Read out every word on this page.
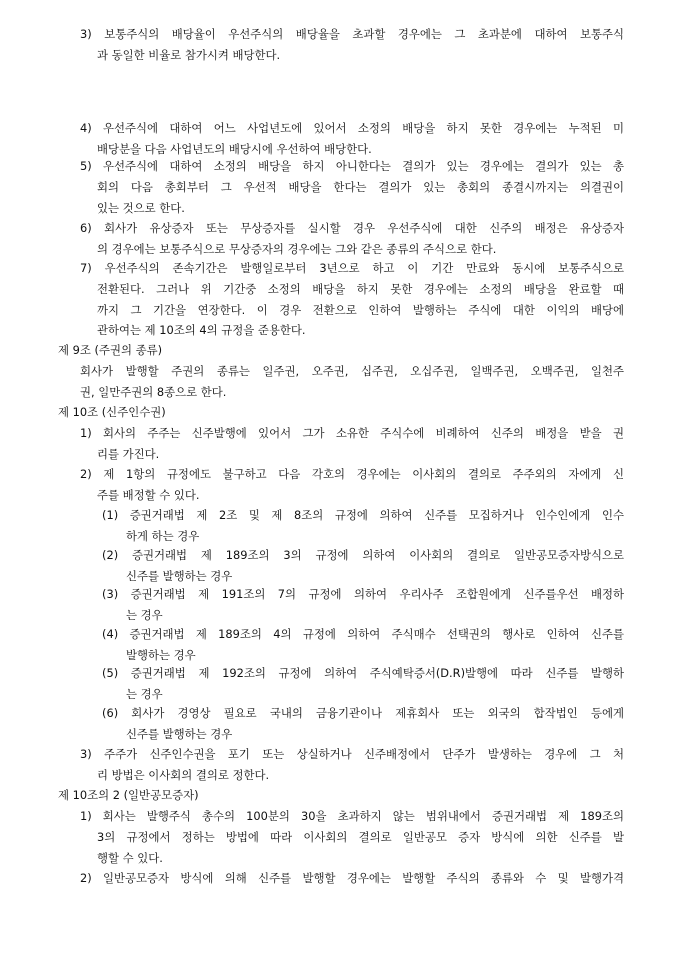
3) 보통주식의 배당율이 우선주식의 배당율을 초과할 경우에는 그 초과분에 대하여 보통주식
과 동일한 비율로 참가시켜 배당한다.
4) 우선주식에 대하여 어느 사업년도에 있어서 소정의 배당을 하지 못한 경우에는 누적된 미
배당분을 다음 사업년도의 배당시에 우선하여 배당한다.
5) 우선주식에 대하여 소정의 배당을 하지 아니한다는 결의가 있는 경우에는 결의가 있는 총
회의 다음 총회부터 그 우선적 배당을 한다는 결의가 있는 총회의 종결시까지는 의결권이
있는 것으로 한다.
6) 회사가 유상증자 또는 무상증자를 실시할 경우 우선주식에 대한 신주의 배정은 유상증자
의 경우에는 보통주식으로 무상증자의 경우에는 그와 같은 종류의 주식으로 한다.
7) 우선주식의 존속기간은 발행일로부터 3년으로 하고 이 기간 만료와 동시에 보통주식으로
전환된다. 그러나 위 기간중 소정의 배당을 하지 못한 경우에는 소정의 배당을 완료할 때
까지 그 기간을 연장한다. 이 경우 전환으로 인하여 발행하는 주식에 대한 이익의 배당에
관하여는 제 10조의 4의 규정을 준용한다.
제 9조 (주권의 종류)
회사가 발행할 주권의 종류는 일주권, 오주권, 십주권, 오십주권, 일백주권, 오백주권, 일천주
권, 일만주권의 8종으로 한다.
제 10조 (신주인수권)
1) 회사의 주주는 신주발행에 있어서 그가 소유한 주식수에 비례하여 신주의 배정을 받을 권
리를 가진다.
2) 제 1항의 규정에도 불구하고 다음 각호의 경우에는 이사회의 결의로 주주외의 자에게 신
주를 배정할 수 있다.
(1) 증권거래법 제 2조 및 제 8조의 규정에 의하여 신주를 모집하거나 인수인에게 인수
하게 하는 경우
(2) 증권거래법 제 189조의 3의 규정에 의하여 이사회의 결의로 일반공모증자방식으로
신주를 발행하는 경우
(3) 증권거래법 제 191조의 7의 규정에 의하여 우리사주 조합원에게 신주를우선 배정하
는 경우
(4) 증권거래법 제 189조의 4의 규정에 의하여 주식매수 선택권의 행사로 인하여 신주를
발행하는 경우
(5) 증권거래법 제 192조의 규정에 의하여 주식예탁증서(D.R)발행에 따라 신주를 발행하
는 경우
(6) 회사가 경영상 필요로 국내의 금융기관이나 제휴회사 또는 외국의 합작법인 등에게
신주를 발행하는 경우
3) 주주가 신주인수권을 포기 또는 상실하거나 신주배정에서 단주가 발생하는 경우에 그 처
리 방법은 이사회의 결의로 정한다.
제 10조의 2 (일반공모증자)
1) 회사는 발행주식 총수의 100분의 30을 초과하지 않는 범위내에서 증권거래법 제 189조의
3의 규정에서 정하는 방법에 따라 이사회의 결의로 일반공모 증자 방식에 의한 신주를 발
행할 수 있다.
2) 일반공모증자 방식에 의해 신주를 발행할 경우에는 발행할 주식의 종류와 수 및 발행가격
